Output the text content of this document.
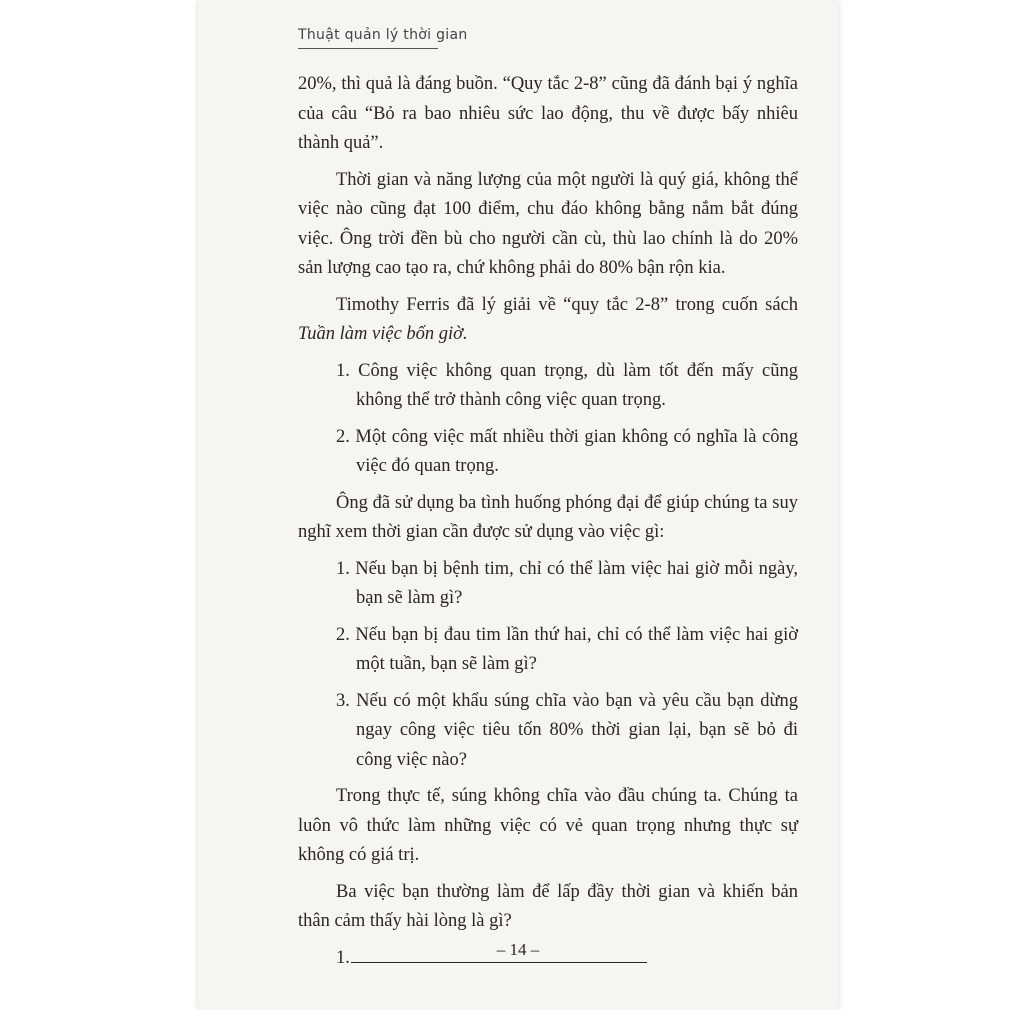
Thuật quản lý thời gian

20%, thì quả là đáng buồn. “Quy tắc 2-8” cũng đã đánh bại ý nghĩa của câu “Bỏ ra bao nhiêu sức lao động, thu về được bấy nhiêu thành quả”.

Thời gian và năng lượng của một người là quý giá, không thể việc nào cũng đạt 100 điểm, chu đáo không bằng nắm bắt đúng việc. Ông trời đền bù cho người cần cù, thù lao chính là do 20% sản lượng cao tạo ra, chứ không phải do 80% bận rộn kia.

Timothy Ferris đã lý giải về “quy tắc 2-8” trong cuốn sách Tuần làm việc bốn giờ.

1. Công việc không quan trọng, dù làm tốt đến mấy cũng không thể trở thành công việc quan trọng.

2. Một công việc mất nhiều thời gian không có nghĩa là công việc đó quan trọng.

Ông đã sử dụng ba tình huống phóng đại để giúp chúng ta suy nghĩ xem thời gian cần được sử dụng vào việc gì:

1. Nếu bạn bị bệnh tim, chỉ có thể làm việc hai giờ mỗi ngày, bạn sẽ làm gì?

2. Nếu bạn bị đau tim lần thứ hai, chỉ có thể làm việc hai giờ một tuần, bạn sẽ làm gì?

3. Nếu có một khẩu súng chĩa vào bạn và yêu cầu bạn dừng ngay công việc tiêu tốn 80% thời gian lại, bạn sẽ bỏ đi công việc nào?

Trong thực tế, súng không chĩa vào đầu chúng ta. Chúng ta luôn vô thức làm những việc có vẻ quan trọng nhưng thực sự không có giá trị.

Ba việc bạn thường làm để lấp đầy thời gian và khiến bản thân cảm thấy hài lòng là gì?

1.	– 14 –
